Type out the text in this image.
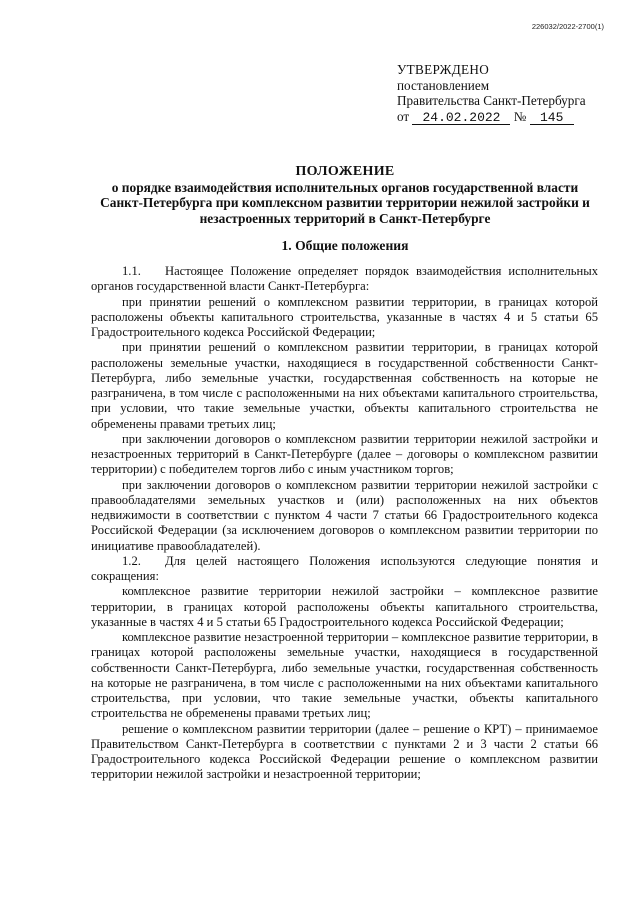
226032/2022-2700(1)
УТВЕРЖДЕНО
постановлением
Правительства Санкт-Петербурга
от 24.02.2022 № 145
ПОЛОЖЕНИЕ
о порядке взаимодействия исполнительных органов государственной власти Санкт-Петербурга при комплексном развитии территории нежилой застройки и незастроенных территорий в Санкт-Петербурге
1. Общие положения

1.1. Настоящее Положение определяет порядок взаимодействия исполнительных органов государственной власти Санкт-Петербурга:

при принятии решений о комплексном развитии территории, в границах которой расположены объекты капитального строительства, указанные в частях 4 и 5 статьи 65 Градостроительного кодекса Российской Федерации;

при принятии решений о комплексном развитии территории, в границах которой расположены земельные участки, находящиеся в государственной собственности Санкт-Петербурга, либо земельные участки, государственная собственность на которые не разграничена, в том числе с расположенными на них объектами капитального строительства, при условии, что такие земельные участки, объекты капитального строительства не обременены правами третьих лиц;

при заключении договоров о комплексном развитии территории нежилой застройки и незастроенных территорий в Санкт-Петербурге (далее – договоры о комплексном развитии территории) с победителем торгов либо с иным участником торгов;

при заключении договоров о комплексном развитии территории нежилой застройки с правообладателями земельных участков и (или) расположенных на них объектов недвижимости в соответствии с пунктом 4 части 7 статьи 66 Градостроительного кодекса Российской Федерации (за исключением договоров о комплексном развитии территории по инициативе правообладателей).

1.2. Для целей настоящего Положения используются следующие понятия и сокращения:

комплексное развитие территории нежилой застройки – комплексное развитие территории, в границах которой расположены объекты капитального строительства, указанные в частях 4 и 5 статьи 65 Градостроительного кодекса Российской Федерации;

комплексное развитие незастроенной территории – комплексное развитие территории, в границах которой расположены земельные участки, находящиеся в государственной собственности Санкт-Петербурга, либо земельные участки, государственная собственность на которые не разграничена, в том числе с расположенными на них объектами капитального строительства, при условии, что такие земельные участки, объекты капитального строительства не обременены правами третьих лиц;

решение о комплексном развитии территории (далее – решение о КРТ) – принимаемое Правительством Санкт-Петербурга в соответствии с пунктами 2 и 3 части 2 статьи 66 Градостроительного кодекса Российской Федерации решение о комплексном развитии территории нежилой застройки и незастроенной территории;
